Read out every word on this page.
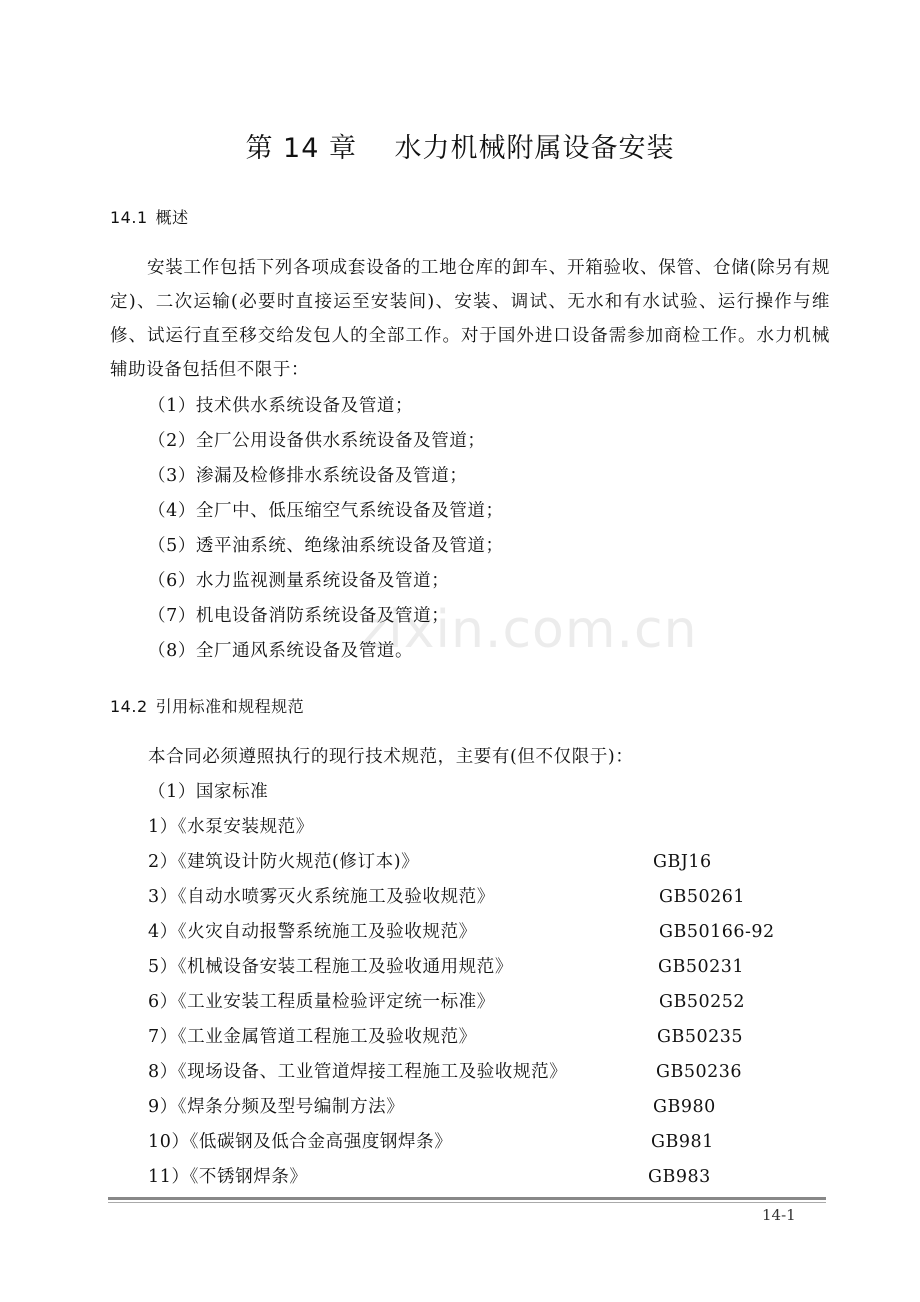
zixin.com.cn
第 14 章　 水力机械附属设备安装
14.1 概述

安装工作包括下列各项成套设备的工地仓库的卸车、开箱验收、保管、仓储(除另有规定)、二次运输(必要时直接运至安装间)、安装、调试、无水和有水试验、运行操作与维修、试运行直至移交给发包人的全部工作。对于国外进口设备需参加商检工作。水力机械辅助设备包括但不限于：

（1）技术供水系统设备及管道；
（2）全厂公用设备供水系统设备及管道；
（3）渗漏及检修排水系统设备及管道；
（4）全厂中、低压缩空气系统设备及管道；
（5）透平油系统、绝缘油系统设备及管道；
（6）水力监视测量系统设备及管道；
（7）机电设备消防系统设备及管道；
（8）全厂通风系统设备及管道。
14.2 引用标准和规程规范

本合同必须遵照执行的现行技术规范，主要有(但不仅限于)：

（1）国家标准

1）《水泵安装规范》
2）《建筑设计防火规范(修订本)》	GBJ16
3）《自动水喷雾灭火系统施工及验收规范》	GB50261
4）《火灾自动报警系统施工及验收规范》	GB50166-92
5）《机械设备安装工程施工及验收通用规范》	GB50231
6）《工业安装工程质量检验评定统一标准》	GB50252
7）《工业金属管道工程施工及验收规范》	GB50235
8）《现场设备、工业管道焊接工程施工及验收规范》	GB50236
9）《焊条分频及型号编制方法》	GB980
10）《低碳钢及低合金高强度钢焊条》	GB981
11）《不锈钢焊条》	GB983
14-1
